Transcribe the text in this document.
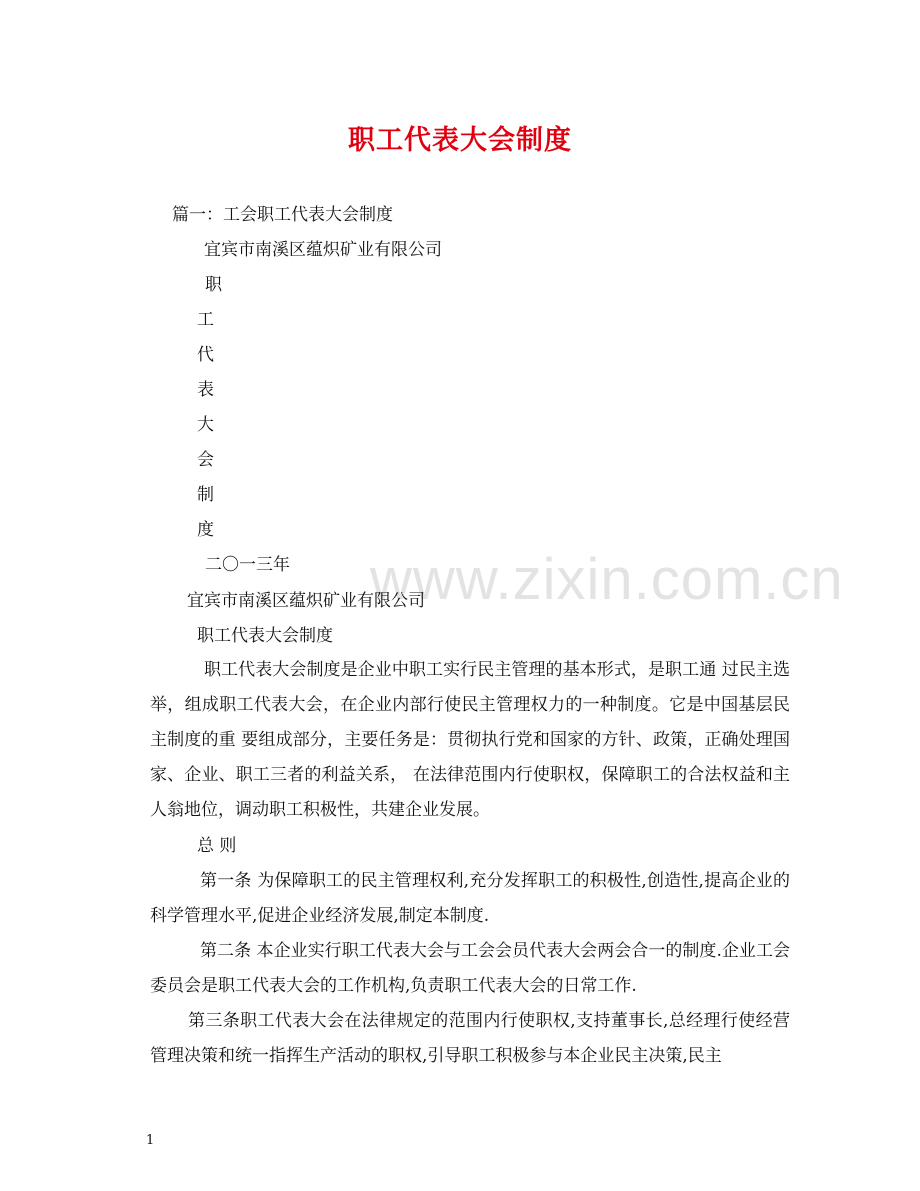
www.zixin.com.cn
职工代表大会制度
篇一：工会职工代表大会制度
宜宾市南溪区蕴炽矿业有限公司
职
工
代
表
大
会
制
度
二〇一三年
宜宾市南溪区蕴炽矿业有限公司
职工代表大会制度
职工代表大会制度是企业中职工实行民主管理的基本形式，是职工通 过民主选举，组成职工代表大会，在企业内部行使民主管理权力的一种制度。它是中国基层民主制度的重 要组成部分，主要任务是：贯彻执行党和国家的方针、政策，正确处理国家、企业、职工三者的利益关系， 在法律范围内行使职权，保障职工的合法权益和主人翁地位，调动职工积极性，共建企业发展。
总 则
第一条 为保障职工的民主管理权利,充分发挥职工的积极性,创造性,提高企业的科学管理水平,促进企业经济发展,制定本制度.
第二条 本企业实行职工代表大会与工会会员代表大会两会合一的制度.企业工会委员会是职工代表大会的工作机构,负责职工代表大会的日常工作.
第三条职工代表大会在法律规定的范围内行使职权,支持董事长,总经理行使经营管理决策和统一指挥生产活动的职权,引导职工积极参与本企业民主决策,民主
1
